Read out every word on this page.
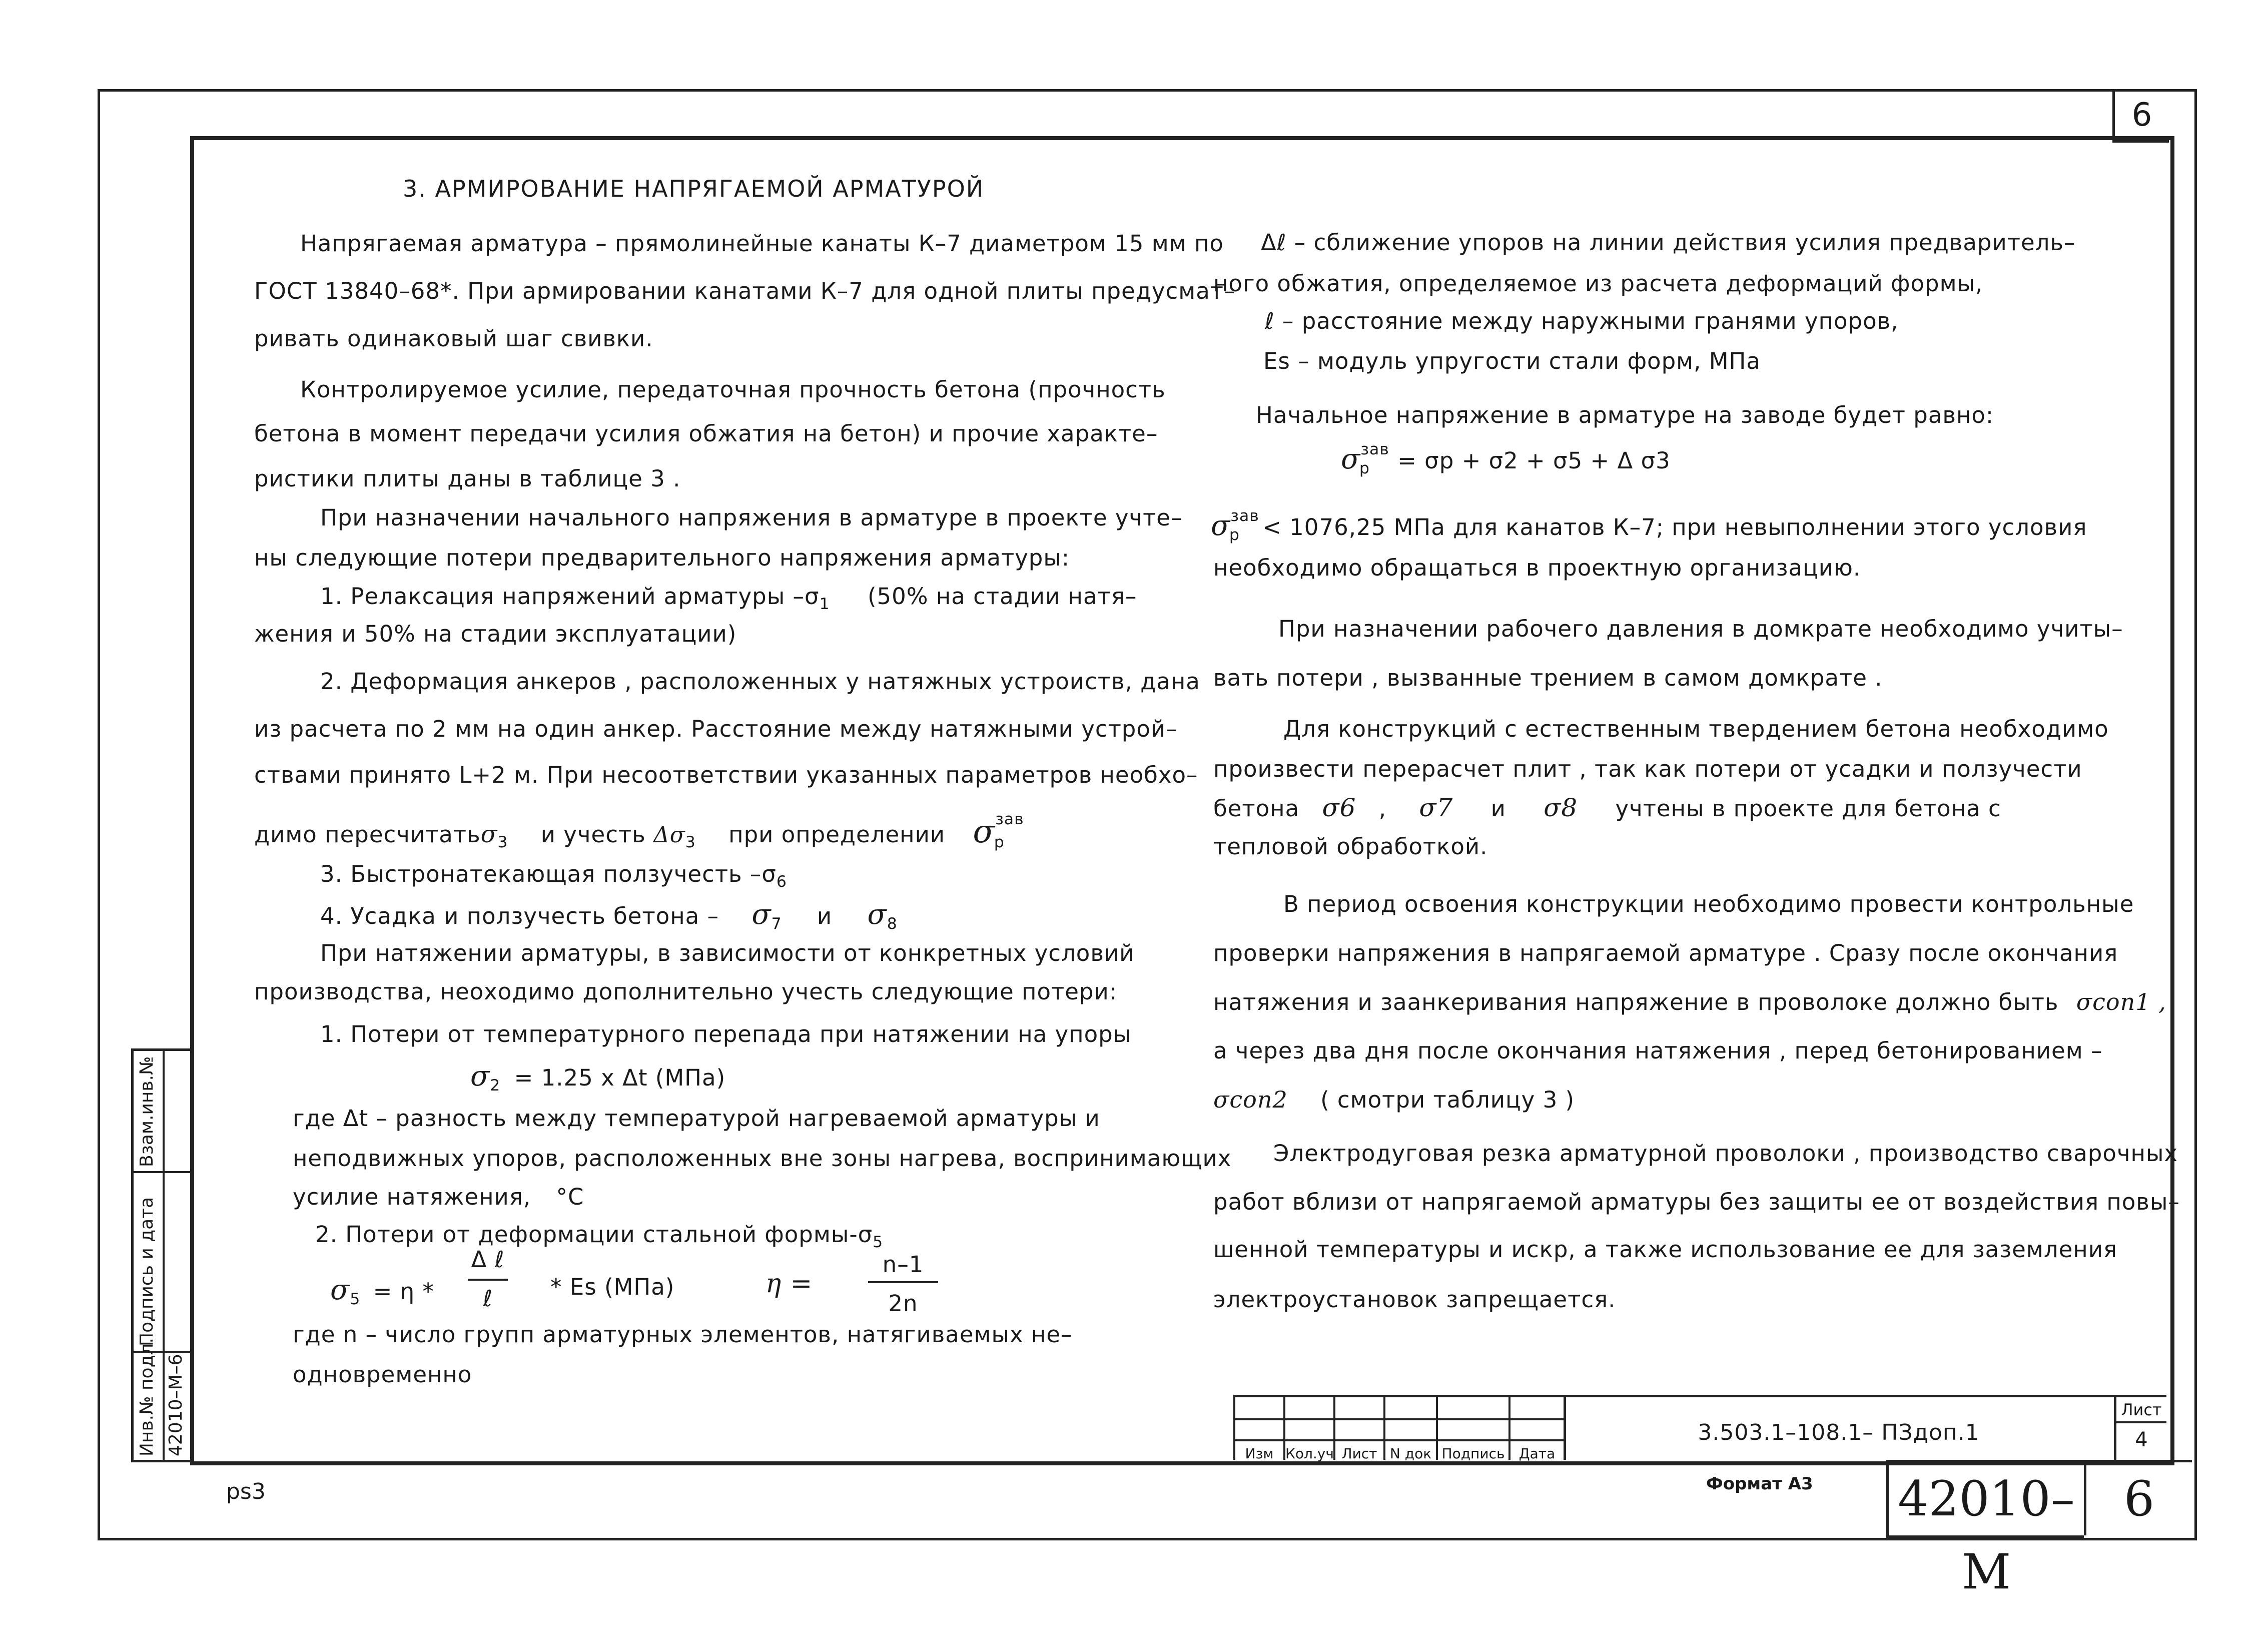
6
3. АРМИРОВАНИЕ НАПРЯГАЕМОЙ АРМАТУРОЙ
Напрягаемая арматура – прямолинейные канаты К–7 диаметром 15 мм по
ГОСТ 13840–68*. При армировании канатами К–7 для одной плиты предусмат–
ривать одинаковый шаг свивки.
Контролируемое усилие, передаточная прочность бетона (прочность
бетона в момент передачи усилия обжатия на бетон) и прочие характе–
ристики плиты даны в таблице 3 .
При назначении начального напряжения в арматуре в проекте учте–
ны следующие потери предварительного напряжения арматуры:
1. Релаксация напряжений арматуры $-\sigma_1$ (50% на стадии натя–
жения и 50% на стадии эксплуатации)
2. Деформация анкеров , расположенных у натяжных устроиств, дана
из расчета по 2 мм на один анкер. Расстояние между натяжными устрой–
ствами принято L+2 м. При несоответствии указанных параметров необхо–
димо пересчитатьσ$_3$ и учесть $\Delta\sigma_3$ при определении $\sigma^{зав}_р$
3. Быстронатекающая ползучесть $-\sigma_6$
4. Усадка и ползучесть бетона – $\sigma_7$ и $\sigma_8$
При натяжении арматуры, в зависимости от конкретных условий
производства, неоходимо дополнительно учесть следующие потери:
1. Потери от температурного перепада при натяжении на упоры
$\sigma_2 = 1.25$ x Δt (МПа)
где Δt – разность между температурой нагреваемой арматуры и
неподвижных упоров, расположенных вне зоны нагрева, воспринимающих
усилие натяжения, °С
2. Потери от деформации стальной формы-$\sigma_5$
$\sigma_5 = \eta$ *
Δ ℓ
ℓ	* Es (МПа)	η =
n–1
2n
где n – число групп арматурных элементов, натягиваемых не–
одновременно
Δℓ – сближение упоров на линии действия усилия предваритель–
ного обжатия, определяемое из расчета деформаций формы,
ℓ – расстояние между наружными гранями упоров,
Es – модуль упругости стали форм, МПа
Начальное напряжение в арматуре на заводе будет равно:
$\sigma^{зав}_р = \sigma р + \sigma 2 + \sigma 5 + \Delta$ σ3
$\sigma^{зав}_р < 1076,25$ МПа для канатов К–7; при невыполнении этого условия
необходимо обращаться в проектную организацию.
При назначении рабочего давления в домкрате необходимо учиты–
вать потери , вызванные трением в самом домкрате .
Для конструкций с естественным твердением бетона необходимо
произвести перерасчет плит , так как потери от усадки и ползучести
бетона σ6 , σ7 и σ8 учтены в проекте для бетона с
тепловой обработкой.
В период освоения конструкции необходимо провести контрольные
проверки напряжения в напрягаемой арматуре . Сразу после окончания
натяжения и заанкеривания напряжение в проволоке должно быть σcon1 ,
а через два дня после окончания натяжения , перед бетонированием –
σcon2 ( смотри таблицу 3 )
Электродуговая резка арматурной проволоки , производство сварочных
работ вблизи от напрягаемой арматуры без защиты ее от воздействия повы–
шенной температуры и искр, а также использование ее для заземления
электроустановок запрещается.
Инв.№ подл.
Подпись и дата
Взам.инв.№
42010–М–6	Изм Кол.уч Лист N док Подпись	Дата
3.503.1–108.1– ПЗдоп.1
Лист
4
ps3	Формат А3 42010–М
6
